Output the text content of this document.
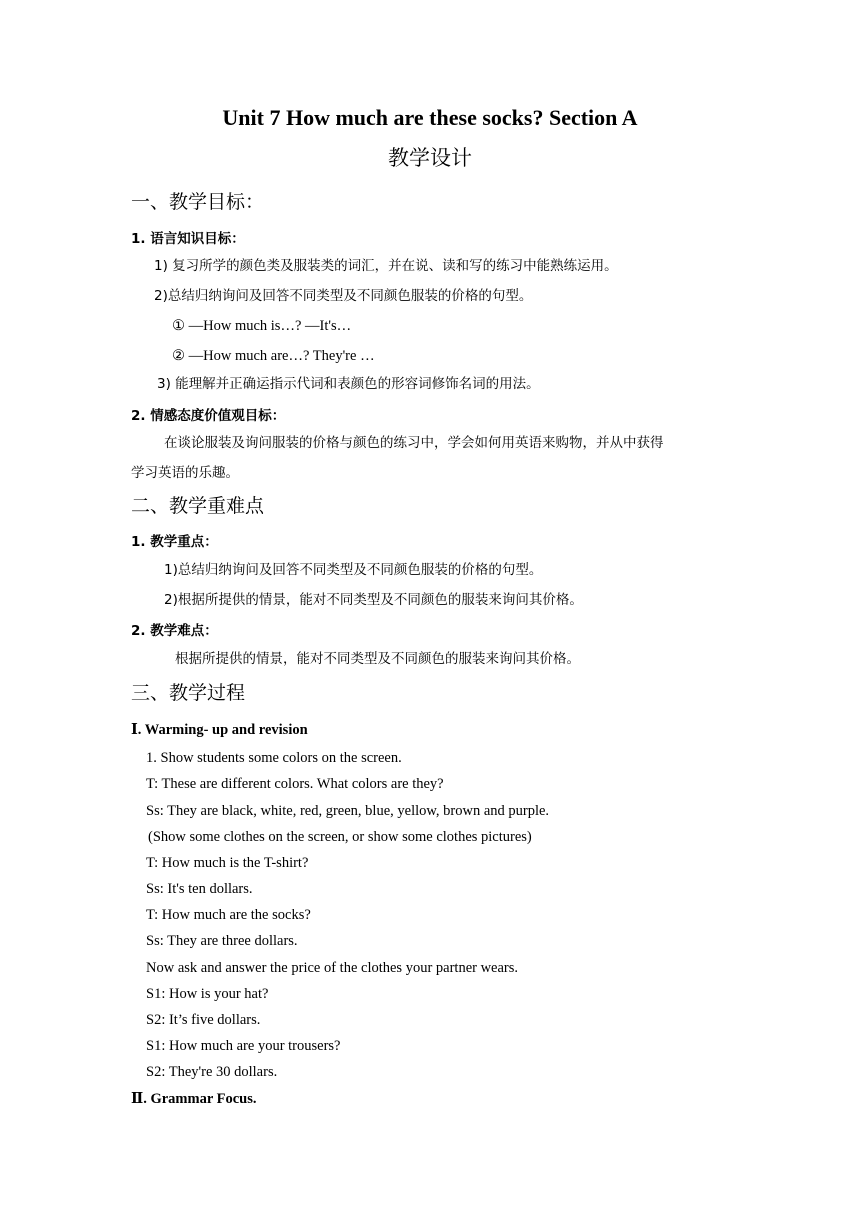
Unit 7 How much are these socks? Section A
教学设计
一、教学目标：
1. 语言知识目标：
1) 复习所学的颜色类及服装类的词汇，并在说、读和写的练习中能熟练运用。
2)总结归纳询问及回答不同类型及不同颜色服装的价格的句型。
① —How much is…? —It's…
② —How much are…? They're …
3) 能理解并正确运指示代词和表颜色的形容词修饰名词的用法。
2. 情感态度价值观目标：
在谈论服装及询问服装的价格与颜色的练习中，学会如何用英语来购物，并从中获得
学习英语的乐趣。
二、教学重难点
1. 教学重点：
1)总结归纳询问及回答不同类型及不同颜色服装的价格的句型。
2)根据所提供的情景，能对不同类型及不同颜色的服装来询问其价格。
2. 教学难点：
根据所提供的情景，能对不同类型及不同颜色的服装来询问其价格。
三、教学过程
Ⅰ. Warming- up and revision
1. Show students some colors on the screen.
T: These are different colors. What colors are they?
Ss: They are black, white, red, green, blue, yellow, brown and purple.
(Show some clothes on the screen, or show some clothes pictures)
T: How much is the T-shirt?
Ss: It's ten dollars.
T: How much are the socks?
Ss: They are three dollars.
Now ask and answer the price of the clothes your partner wears.
S1: How is your hat?
S2: It’s five dollars.
S1: How much are your trousers?
S2: They're 30 dollars.
Ⅱ. Grammar Focus.
